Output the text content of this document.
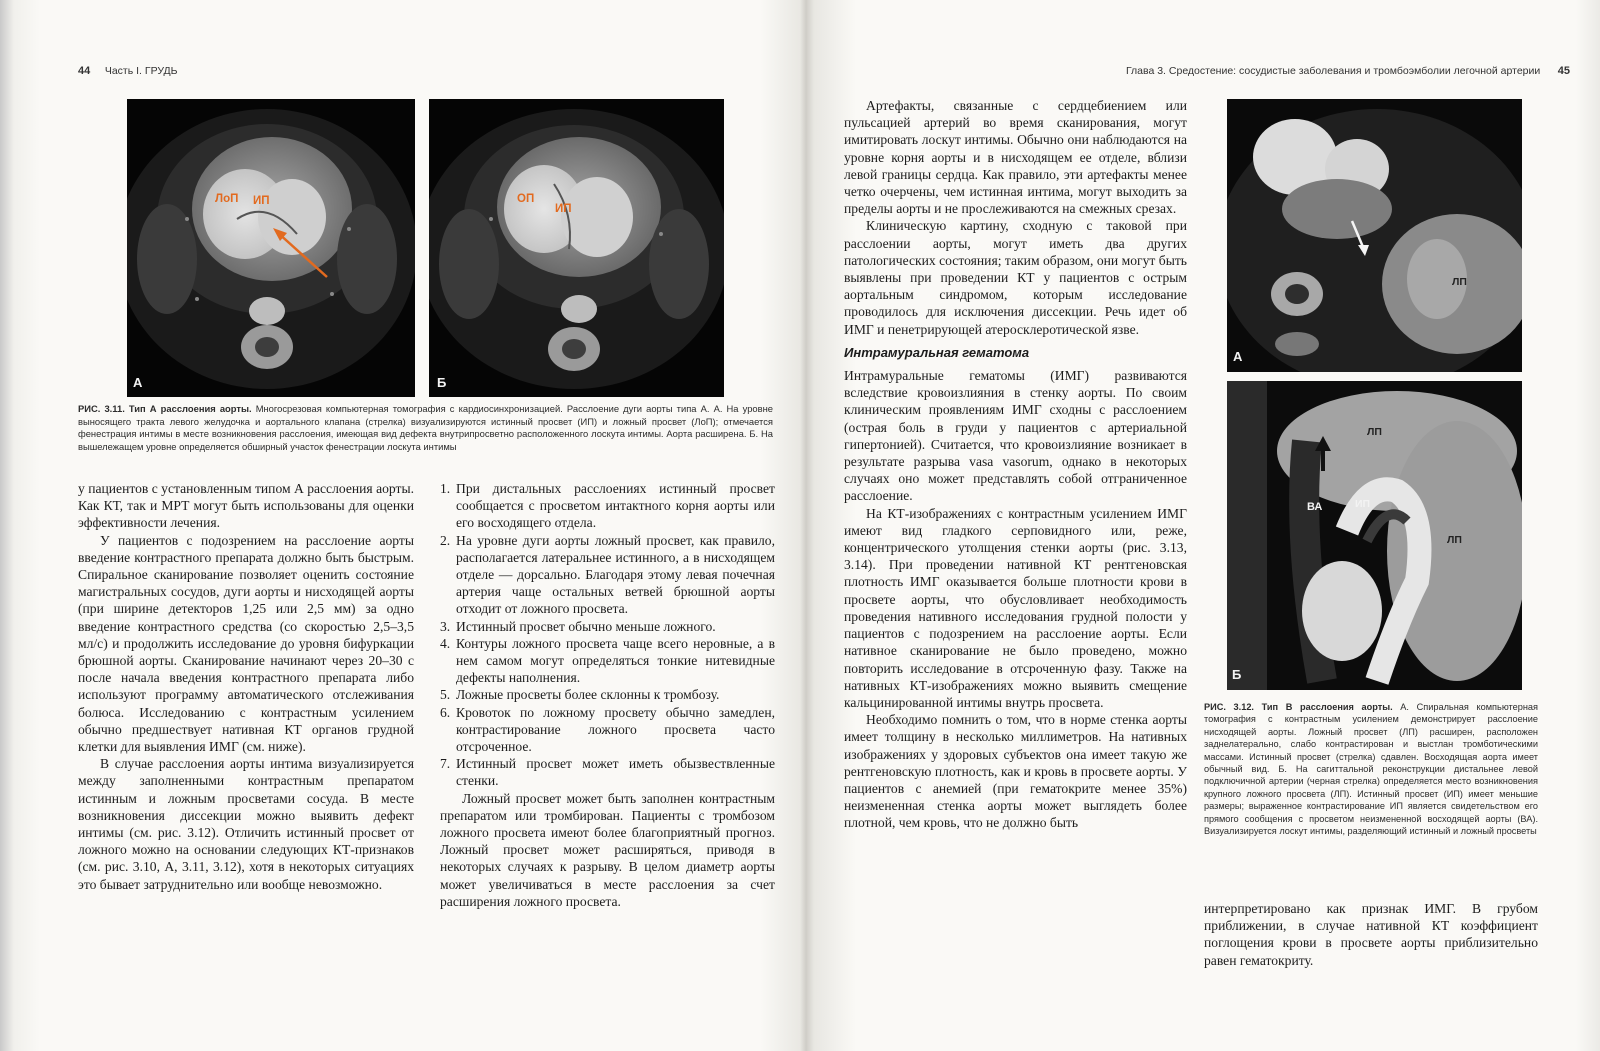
44 Часть I. ГРУДЬ
ЛоП ИП
А
ОП
ИП
Б
РИС. 3.11. Тип А расслоения аорты. Многосрезовая компьютерная томография с кардиосинхронизацией. Расслоение дуги аорты типа А. А. На уровне выносящего тракта левого желудочка и аортального клапана (стрелка) визуализируются истинный просвет (ИП) и ложный просвет (ЛоП); отмечается фенестрация интимы в месте возникновения расслоения, имеющая вид дефекта внутрипросветно расположенного лоскута интимы. Аорта расширена. Б. На вышележащем уровне определяется обширный участок фенестрации лоскута интимы

у пациентов с установленным типом А расслоения аорты. Как КТ, так и МРТ могут быть использованы для оценки эффективности лечения.

У пациентов с подозрением на расслоение аорты введение контрастного препарата должно быть быстрым. Спиральное сканирование позволяет оценить состояние магистральных сосудов, дуги аорты и нисходящей аорты (при ширине детекторов 1,25 или 2,5 мм) за одно введение контрастного средства (со скоростью 2,5–3,5 мл/с) и продолжить исследование до уровня бифуркации брюшной аорты. Сканирование начинают через 20–30 с после начала введения контрастного препарата либо используют программу автоматического отслеживания болюса. Исследованию с контрастным усилением обычно предшествует нативная КТ органов грудной клетки для выявления ИМГ (см. ниже).

В случае расслоения аорты интима визуализируется между заполненными контрастным препаратом истинным и ложным просветами сосуда. В месте возникновения диссекции можно выявить дефект интимы (см. рис. 3.12). Отличить истинный просвет от ложного можно на основании следующих КТ-признаков (см. рис. 3.10, А, 3.11, 3.12), хотя в некоторых ситуациях это бывает затруднительно или вообще невозможно.

1. При дистальных расслоениях истинный просвет сообщается с просветом интактного корня аорты или его восходящего отдела.
2. На уровне дуги аорты ложный просвет, как правило, располагается латеральнее истинного, а в нисходящем отделе — дорсально. Благодаря этому левая почечная артерия чаще остальных ветвей брюшной аорты отходит от ложного просвета.
3. Истинный просвет обычно меньше ложного.
4. Контуры ложного просвета чаще всего неровные, а в нем самом могут определяться тонкие нитевидные дефекты наполнения.
5. Ложные просветы более склонны к тромбозу.
6. Кровоток по ложному просвету обычно замедлен, контрастирование ложного просвета часто отсроченное.
7. Истинный просвет может иметь обызвествленные стенки.

Ложный просвет может быть заполнен контрастным препаратом или тромбирован. Пациенты с тромбозом ложного просвета имеют более благоприятный прогноз. Ложный просвет может расширяться, приводя в некоторых случаях к разрыву. В целом диаметр аорты может увеличиваться в месте расслоения за счет расширения ложного просвета.

Глава 3. Средостение: сосудистые заболевания и тромбоэмболии легочной артерии 45

Артефакты, связанные с сердцебиением или пульсацией артерий во время сканирования, могут имитировать лоскут интимы. Обычно они наблюдаются на уровне корня аорты и в нисходящем ее отделе, вблизи левой границы сердца. Как правило, эти артефакты менее четко очерчены, чем истинная интима, могут выходить за пределы аорты и не прослеживаются на смежных срезах.

Клиническую картину, сходную с таковой при расслоении аорты, могут иметь два других патологических состояния; таким образом, они могут быть выявлены при проведении КТ у пациентов с острым аортальным синдромом, которым исследование проводилось для исключения диссекции. Речь идет об ИМГ и пенетрирующей атеросклеротической язве.

Интрамуральная гематома

Интрамуральные гематомы (ИМГ) развиваются вследствие кровоизлияния в стенку аорты. По своим клиническим проявлениям ИМГ сходны с расслоением (острая боль в груди у пациентов с артериальной гипертонией). Считается, что кровоизлияние возникает в результате разрыва vasa vasorum, однако в некоторых случаях оно может представлять собой отграниченное расслоение.

На КТ-изображениях с контрастным усилением ИМГ имеют вид гладкого серповидного или, реже, концентрического утолщения стенки аорты (рис. 3.13, 3.14). При проведении нативной КТ рентгеновская плотность ИМГ оказывается больше плотности крови в просвете аорты, что обусловливает необходимость проведения нативного исследования грудной полости у пациентов с подозрением на расслоение аорты. Если нативное сканирование не было проведено, можно повторить исследование в отсроченную фазу. Также на нативных КТ-изображениях можно выявить смещение кальцинированной интимы внутрь просвета.

Необходимо помнить о том, что в норме стенка аорты имеет толщину в несколько миллиметров. На нативных изображениях у здоровых субъектов она имеет такую же рентгеновскую плотность, как и кровь в просвете аорты. У пациентов с анемией (при гематокрите менее 35%) неизмененная стенка аорты может выглядеть более плотной, чем кровь, что не должно быть

ЛП
А
ЛП
ВА	ИП
ЛП
Б
РИС. 3.12. Тип В расслоения аорты. А. Спиральная компьютерная томография с контрастным усилением демонстрирует расслоение нисходящей аорты. Ложный просвет (ЛП) расширен, расположен заднелатерально, слабо контрастирован и выстлан тромботическими массами. Истинный просвет (стрелка) сдавлен. Восходящая аорта имеет обычный вид. Б. На сагиттальной реконструкции дистальнее левой подключичной артерии (черная стрелка) определяется место возникновения крупного ложного просвета (ЛП). Истинный просвет (ИП) имеет меньшие размеры; выраженное контрастирование ИП является свидетельством его прямого сообщения с просветом неизмененной восходящей аорты (ВА). Визуализируется лоскут интимы, разделяющий истинный и ложный просветы

интерпретировано как признак ИМГ. В грубом приближении, в случае нативной КТ коэффициент поглощения крови в просвете аорты приблизительно равен гематокриту.
